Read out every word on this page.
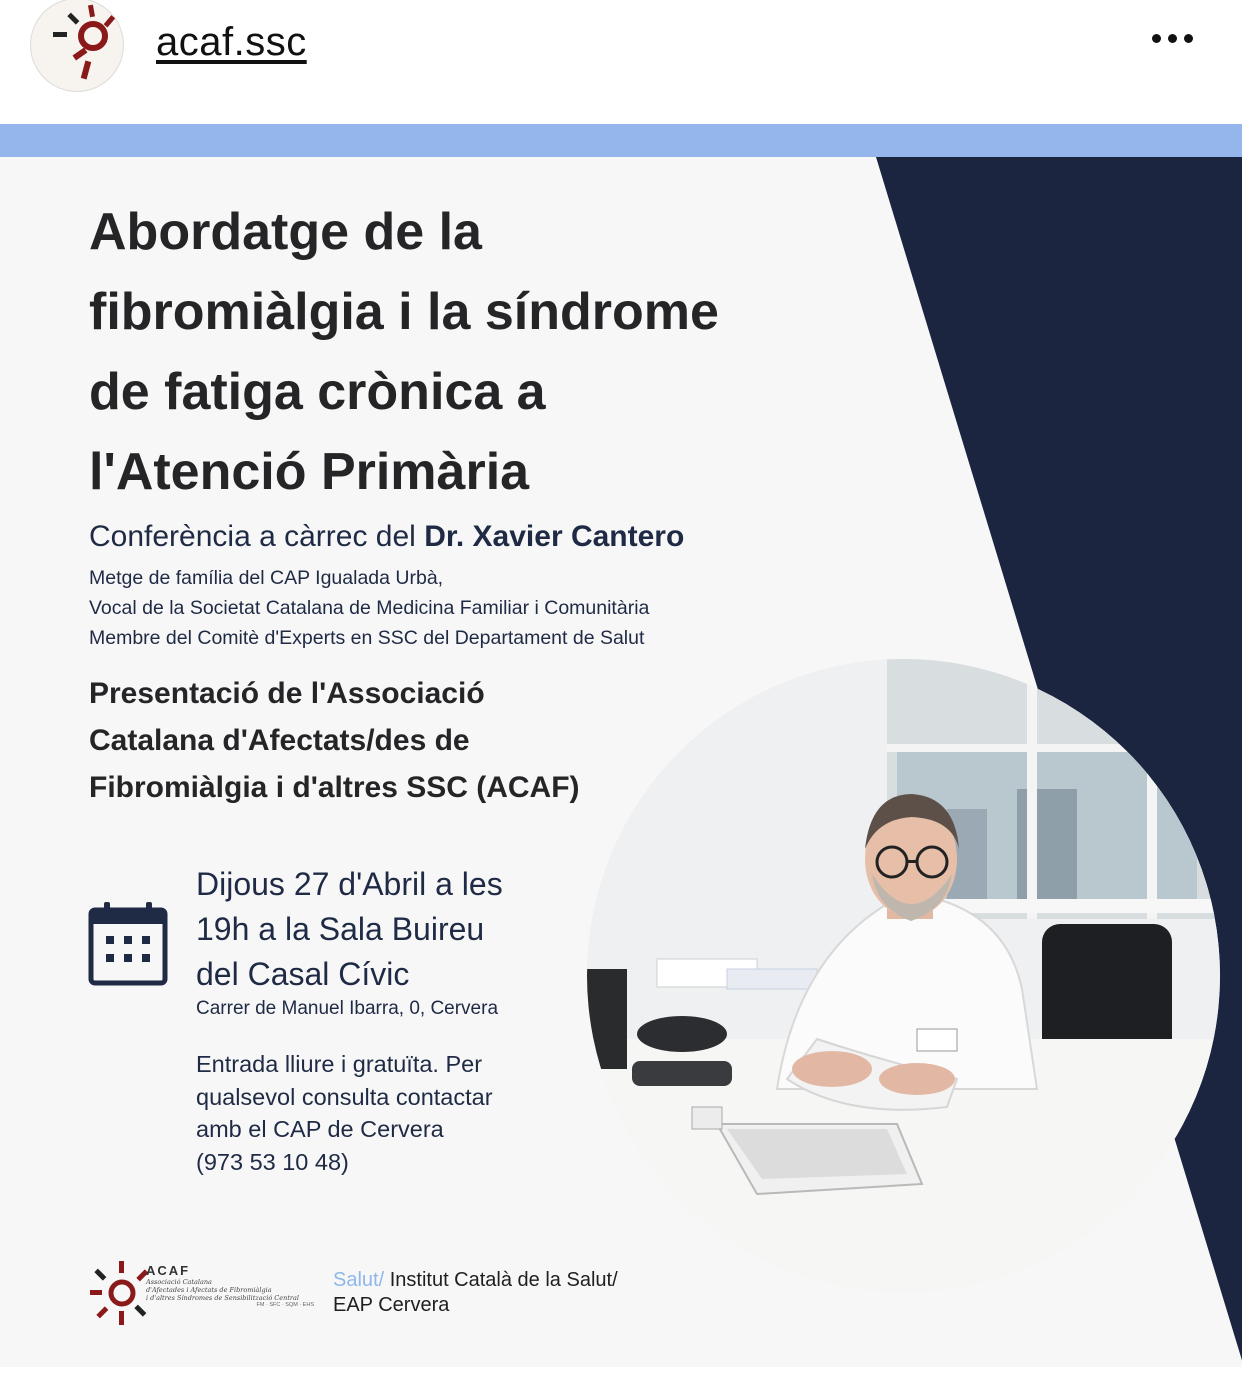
acaf.ssc
Abordatge de la
fibromiàlgia i la síndrome
de fatiga crònica a
l'Atenció Primària
Conferència a càrrec del Dr. Xavier Cantero
Metge de família del CAP Igualada Urbà,
Vocal de la Societat Catalana de Medicina Familiar i Comunitària
Membre del Comitè d'Experts en SSC del Departament de Salut
Presentació de l'Associació
Catalana d'Afectats/des de
Fibromiàlgia i d'altres SSC (ACAF)
Dijous 27 d'Abril a les
19h a la Sala Buireu
del Casal Cívic
Carrer de Manuel Ibarra, 0, Cervera
Entrada lliure i gratuïta. Per
qualsevol consulta contactar
amb el CAP de Cervera
(973 53 10 48)
ACAF
Associació Catalana
d'Afectades i Afectats de Fibromiàlgia
i d'altres Síndromes de Sensibilització Central
FM · SFC · SQM · EHS
Salut/ Institut Català de la Salut/
EAP Cervera
